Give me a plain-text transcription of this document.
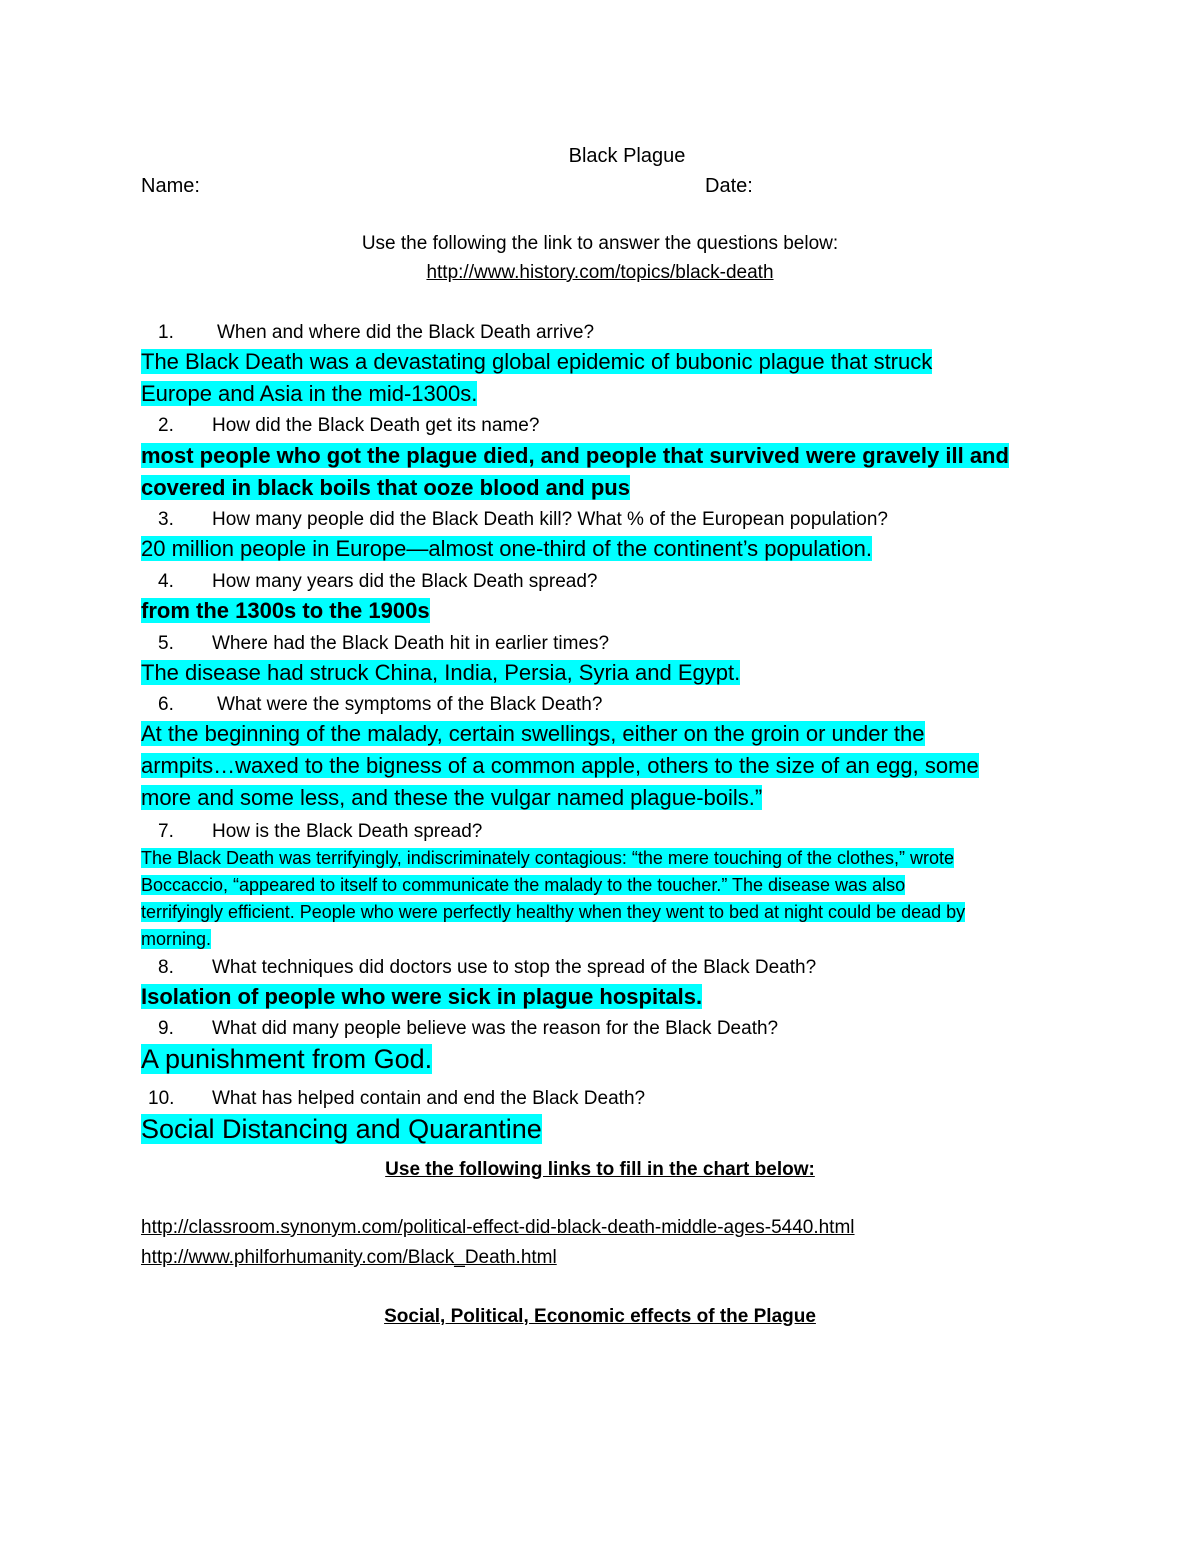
Black Plague
Name:	Date:
Use the following the link to answer the questions below:
http://www.history.com/topics/black-death
1. When and where did the Black Death arrive?
The Black Death was a devastating global epidemic of bubonic plague that struck
Europe and Asia in the mid-1300s.
2. How did the Black Death get its name?
most people who got the plague died, and people that survived were gravely ill and
covered in black boils that ooze blood and pus
3. How many people did the Black Death kill? What % of the European population?
20 million people in Europe—almost one-third of the continent’s population.
4. How many years did the Black Death spread?
from the 1300s to the 1900s
5. Where had the Black Death hit in earlier times?
The disease had struck China, India, Persia, Syria and Egypt.
6. What were the symptoms of the Black Death?
At the beginning of the malady, certain swellings, either on the groin or under the
armpits…waxed to the bigness of a common apple, others to the size of an egg, some
more and some less, and these the vulgar named plague-boils.”
7. How is the Black Death spread?
The Black Death was terrifyingly, indiscriminately contagious: “the mere touching of the clothes,” wrote
Boccaccio, “appeared to itself to communicate the malady to the toucher.” The disease was also
terrifyingly efficient. People who were perfectly healthy when they went to bed at night could be dead by
morning.
8. What techniques did doctors use to stop the spread of the Black Death?
Isolation of people who were sick in plague hospitals.
9. What did many people believe was the reason for the Black Death?
A punishment from God.
10. What has helped contain and end the Black Death?
Social Distancing and Quarantine
Use the following links to fill in the chart below:
http://classroom.synonym.com/political-effect-did-black-death-middle-ages-5440.html
http://www.philforhumanity.com/Black_Death.html
Social, Political, Economic effects of the Plague
